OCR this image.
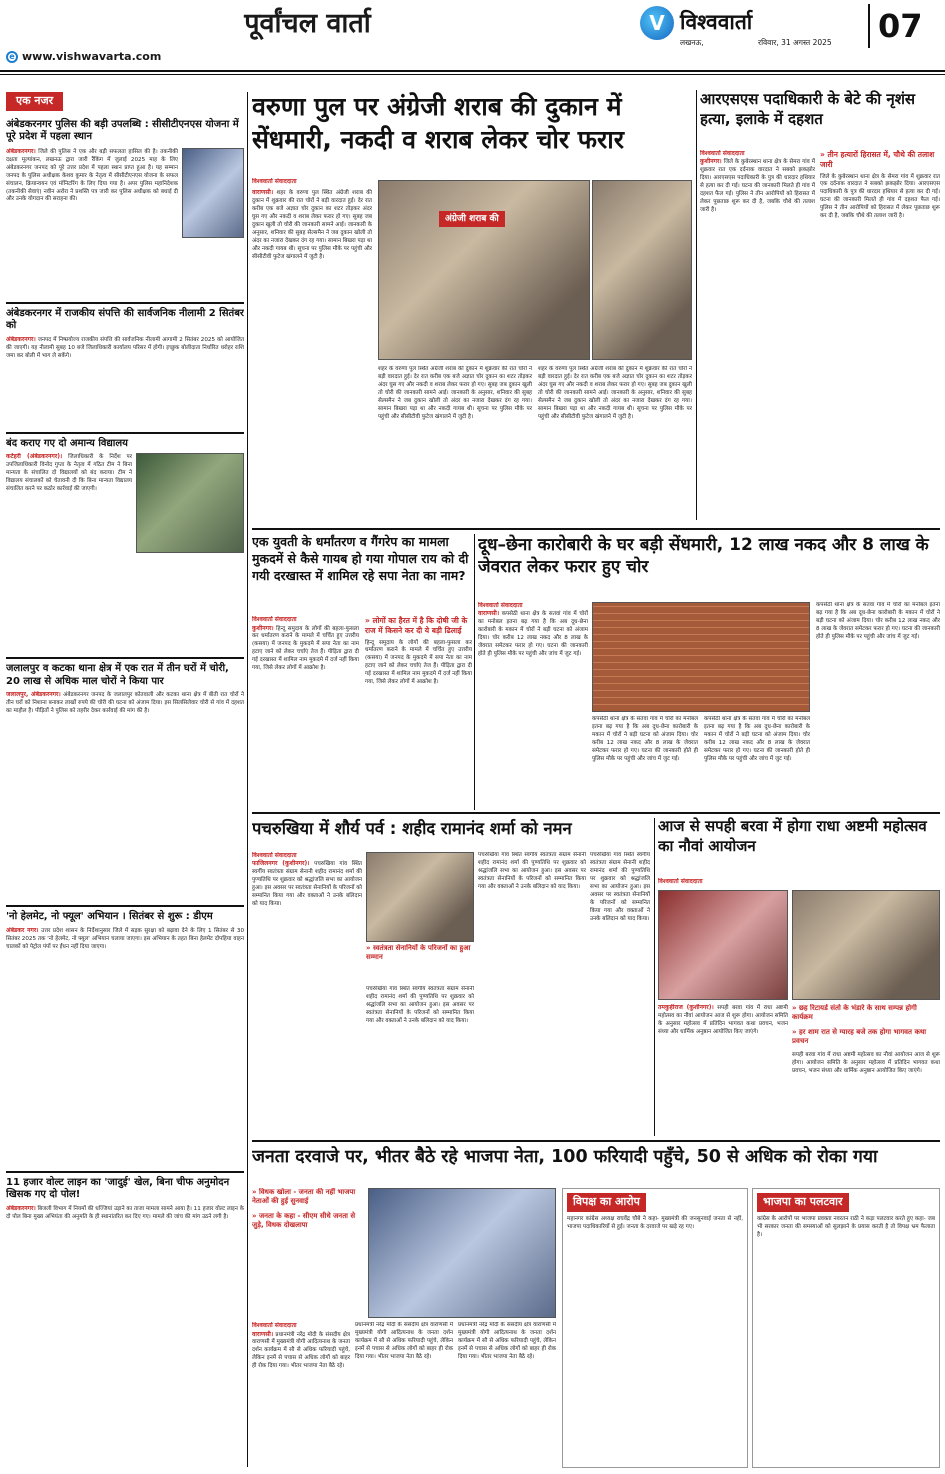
पूर्वांचल वार्ता
e www.vishwavarta.com
V विश्ववार्ता
लखनऊ,	रविवार, 31 अगस्त 2025	07
एक नजर
अंबेडकरनगर पुलिस की बड़ी उपलब्धि : सीसीटीएनएस योजना में पूरे प्रदेश में पहला स्थान
अंबेडकरनगर। जिले की पुलिस ने एक और बड़ी सफलता हासिल की है। तकनीकी दक्षता मूल्यांकन, लखनऊ द्वारा जारी रैंकिंग में जुलाई 2025 माह के लिए अंबेडकरनगर जनपद को पूरे उत्तर प्रदेश में पहला स्थान प्राप्त हुआ है। यह सम्मान जनपद के पुलिस अधीक्षक केशव कुमार के नेतृत्व में सीसीटीएनएस योजना के सफल संचालन, क्रियान्वयन एवं मॉनिटरिंग के लिए दिया गया है। अपर पुलिस महानिदेशक (तकनीकी सेवाएं) नवीन अरोरा ने प्रशस्ति पत्र जारी कर पुलिस अधीक्षक को बधाई दी और उनके योगदान की सराहना की।
अंबेडकरनगर में राजकीय संपत्ति की सार्वजनिक नीलामी 2 सितंबर को
अंबेडकरनगर। जनपद में निष्प्रयोज्य राजकीय संपत्ति की सार्वजनिक नीलामी आगामी 2 सितंबर 2025 को आयोजित की जाएगी। यह नीलामी सुबह 10 बजे जिलाधिकारी कार्यालय परिसर में होगी। इच्छुक बोलीदाता निर्धारित धरोहर राशि जमा कर बोली में भाग ले सकेंगे।
बंद कराए गए दो अमान्य विद्यालय
कटेहरी (अंबेडकरनगर)। जिलाधिकारी के निर्देश पर उपजिलाधिकारी विनोद गुप्ता के नेतृत्व में गठित टीम ने बिना मान्यता के संचालित दो विद्यालयों को बंद कराया। टीम ने विद्यालय संचालकों को चेतावनी दी कि बिना मान्यता विद्यालय संचालित करने पर कठोर कार्रवाई की जाएगी।
जलालपुर व कटका थाना क्षेत्र में एक रात में तीन घरों में चोरी, 20 लाख से अधिक माल चोरों ने किया पार
जलालपुर, अंबेडकरनगर। अंबेडकरनगर जनपद के जलालपुर कोतवाली और कटका थाना क्षेत्र में बीती रात चोरों ने तीन घरों को निशाना बनाकर लाखों रुपये की चोरी की घटना को अंजाम दिया। इस सिलसिलेवार चोरी से गांव में दहशत का माहौल है। पीड़ितों ने पुलिस को तहरीर देकर कार्रवाई की मांग की है।
'नो हेलमेट, नो फ्यूल' अभियान । सितंबर से शुरू : डीएम
अंबेडकर नगर। उत्तर प्रदेश शासन के निर्देशानुसार जिले में सड़क सुरक्षा को बढ़ावा देने के लिए 1 सितंबर से 30 सितंबर 2025 तक 'नो हेलमेट, नो फ्यूल' अभियान चलाया जाएगा। इस अभियान के तहत बिना हेलमेट दोपहिया वाहन चालकों को पेट्रोल पंपों पर ईंधन नहीं दिया जाएगा।
11 हजार वोल्ट लाइन का 'जादुई' खेल, बिना चीफ अनुमोदन खिसक गए दो पोल!
अंबेडकरनगर। बिजली विभाग में नियमों की धज्जियां उड़ाने का ताजा मामला सामने आया है। 11 हजार वोल्ट लाइन के दो पोल बिना मुख्य अभियंता की अनुमति के ही स्थानांतरित कर दिए गए। मामले की जांच की मांग उठने लगी है।
वरुणा पुल पर अंग्रेजी शराब की दुकान में सेंधमारी, नकदी व शराब लेकर चोर फरार
विश्ववार्ता संवाददाता
वाराणसी। शहर के वरुणा पुल स्थित अंग्रेजी शराब की दुकान में शुक्रवार की रात चोरों ने बड़ी वारदात हुई। देर रात करीब एक बजे अज्ञात चोर दुकान का शटर तोड़कर अंदर घुस गए और नकदी व शराब लेकर फरार हो गए। सुबह जब दुकान खुली तो चोरी की जानकारी सामने आई। जानकारी के अनुसार, शनिवार की सुबह सेल्समैन ने जब दुकान खोली तो अंदर का नजारा देखकर दंग रह गया। सामान बिखरा पड़ा था और नकदी गायब थी। सूचना पर पुलिस मौके पर पहुंची और सीसीटीवी फुटेज खंगालने में जुटी है।
अंग्रेजी शराब की
शहर के वरुणा पुल स्थित अंग्रेजी शराब की दुकान में शुक्रवार की रात चोरों ने बड़ी वारदात हुई। देर रात करीब एक बजे अज्ञात चोर दुकान का शटर तोड़कर अंदर घुस गए और नकदी व शराब लेकर फरार हो गए। सुबह जब दुकान खुली तो चोरी की जानकारी सामने आई। जानकारी के अनुसार, शनिवार की सुबह सेल्समैन ने जब दुकान खोली तो अंदर का नजारा देखकर दंग रह गया। सामान बिखरा पड़ा था और नकदी गायब थी। सूचना पर पुलिस मौके पर पहुंची और सीसीटीवी फुटेज खंगालने में जुटी है।
शहर के वरुणा पुल स्थित अंग्रेजी शराब की दुकान में शुक्रवार की रात चोरों ने बड़ी वारदात हुई। देर रात करीब एक बजे अज्ञात चोर दुकान का शटर तोड़कर अंदर घुस गए और नकदी व शराब लेकर फरार हो गए। सुबह जब दुकान खुली तो चोरी की जानकारी सामने आई। जानकारी के अनुसार, शनिवार की सुबह सेल्समैन ने जब दुकान खोली तो अंदर का नजारा देखकर दंग रह गया। सामान बिखरा पड़ा था और नकदी गायब थी। सूचना पर पुलिस मौके पर पहुंची और सीसीटीवी फुटेज खंगालने में जुटी है।
आरएसएस पदाधिकारी के बेटे की नृशंस हत्या, इलाके में दहशत
विश्ववार्ता संवाददाता
कुशीनगर। जिले के कुबेरस्थान थाना क्षेत्र के सेमरा गांव में शुक्रवार रात एक दर्दनाक वारदात ने सबको झकझोर दिया। आरएसएस पदाधिकारी के पुत्र की धारदार हथियार से हत्या कर दी गई। घटना की जानकारी मिलते ही गांव में दहशत फैल गई। पुलिस ने तीन आरोपियों को हिरासत में लेकर पूछताछ शुरू कर दी है, जबकि चौथे की तलाश जारी है।
» तीन हत्यारों हिरासत में, चौथे की तलाश जारी
जिले के कुबेरस्थान थाना क्षेत्र के सेमरा गांव में शुक्रवार रात एक दर्दनाक वारदात ने सबको झकझोर दिया। आरएसएस पदाधिकारी के पुत्र की धारदार हथियार से हत्या कर दी गई। घटना की जानकारी मिलते ही गांव में दहशत फैल गई। पुलिस ने तीन आरोपियों को हिरासत में लेकर पूछताछ शुरू कर दी है, जबकि चौथे की तलाश जारी है।
एक युवती के धर्मांतरण व गैंगरेप का मामला मुकदमें से कैसे गायब हो गया गोपाल राय को दी गयी दरखास्त में शामिल रहे सपा नेता का नाम?
विश्ववार्ता संवाददाता
कुशीनगर। हिन्दू समुदाय के लोगों की बहला-फुसला कर धर्मांतरण कराने के मामले में चर्चित हुए उत्तरीय (कसया) में जनपद के मुकदमे में सपा नेता का नाम हटाए जाने को लेकर चर्चाएं तेज हैं। पीड़िता द्वारा दी गई दरखास्त में शामिल नाम मुकदमे में दर्ज नहीं किया गया, जिसे लेकर लोगों में आक्रोश है।
» लोगों का हैरत में है कि दोषी जी के राज में किसने कर दी ये बड़ी ढिलाई
हिन्दू समुदाय के लोगों की बहला-फुसला कर धर्मांतरण कराने के मामले में चर्चित हुए उत्तरीय (कसया) में जनपद के मुकदमे में सपा नेता का नाम हटाए जाने को लेकर चर्चाएं तेज हैं। पीड़िता द्वारा दी गई दरखास्त में शामिल नाम मुकदमे में दर्ज नहीं किया गया, जिसे लेकर लोगों में आक्रोश है।
दूध–छेना कारोबारी के घर बड़ी सेंधमारी, 12 लाख नकद और 8 लाख के जेवरात लेकर फरार हुए चोर
विश्ववार्ता संवाददाता
वाराणसी। कपसेठी थाना क्षेत्र के सतवां गांव में चोरों का मनोबल इतना बढ़ गया है कि अब दूध-छेना कारोबारी के मकान में चोरों ने बड़ी घटना को अंजाम दिया। चोर करीब 12 लाख नकद और 8 लाख के जेवरात समेटकर फरार हो गए। घटना की जानकारी होते ही पुलिस मौके पर पहुंची और जांच में जुट गई।
कपसेठी थाना क्षेत्र के सतवां गांव में चोरों का मनोबल इतना बढ़ गया है कि अब दूध-छेना कारोबारी के मकान में चोरों ने बड़ी घटना को अंजाम दिया। चोर करीब 12 लाख नकद और 8 लाख के जेवरात समेटकर फरार हो गए। घटना की जानकारी होते ही पुलिस मौके पर पहुंची और जांच में जुट गई।
कपसेठी थाना क्षेत्र के सतवां गांव में चोरों का मनोबल इतना बढ़ गया है कि अब दूध-छेना कारोबारी के मकान में चोरों ने बड़ी घटना को अंजाम दिया। चोर करीब 12 लाख नकद और 8 लाख के जेवरात समेटकर फरार हो गए। घटना की जानकारी होते ही पुलिस मौके पर पहुंची और जांच में जुट गई।
कपसेठी थाना क्षेत्र के सतवां गांव में चोरों का मनोबल इतना बढ़ गया है कि अब दूध-छेना कारोबारी के मकान में चोरों ने बड़ी घटना को अंजाम दिया। चोर करीब 12 लाख नकद और 8 लाख के जेवरात समेटकर फरार हो गए। घटना की जानकारी होते ही पुलिस मौके पर पहुंची और जांच में जुट गई।
पचरुखिया में शौर्य पर्व : शहीद रामानंद शर्मा को नमन
विश्ववार्ता संवाददाता
फाजिलनगर (कुशीनगर)। पचरुखिया गांव स्थित स्वर्गीय स्वतंत्रता संग्राम सेनानी शहीद रामानंद शर्मा की पुण्यतिथि पर शुक्रवार को श्रद्धांजलि सभा का आयोजन हुआ। इस अवसर पर स्वतंत्रता सेनानियों के परिजनों को सम्मानित किया गया और वक्ताओं ने उनके बलिदान को याद किया।
» स्वतंत्रता सेनानियों के परिजनों का हुआ सम्मान
पचरुखिया गांव स्थित स्वर्गीय स्वतंत्रता संग्राम सेनानी शहीद रामानंद शर्मा की पुण्यतिथि पर शुक्रवार को श्रद्धांजलि सभा का आयोजन हुआ। इस अवसर पर स्वतंत्रता सेनानियों के परिजनों को सम्मानित किया गया और वक्ताओं ने उनके बलिदान को याद किया।
पचरुखिया गांव स्थित स्वर्गीय स्वतंत्रता संग्राम सेनानी शहीद रामानंद शर्मा की पुण्यतिथि पर शुक्रवार को श्रद्धांजलि सभा का आयोजन हुआ। इस अवसर पर स्वतंत्रता सेनानियों के परिजनों को सम्मानित किया गया और वक्ताओं ने उनके बलिदान को याद किया।
पचरुखिया गांव स्थित स्वर्गीय स्वतंत्रता संग्राम सेनानी शहीद रामानंद शर्मा की पुण्यतिथि पर शुक्रवार को श्रद्धांजलि सभा का आयोजन हुआ। इस अवसर पर स्वतंत्रता सेनानियों के परिजनों को सम्मानित किया गया और वक्ताओं ने उनके बलिदान को याद किया।
आज से सपही बरवा में होगा राधा अष्टमी महोत्सव का नौवां आयोजन
विश्ववार्ता संवाददाता
तमकुहीराज (कुशीनगर)। सपही बरवा गांव में राधा अष्टमी महोत्सव का नौवां आयोजन आज से शुरू होगा। आयोजन समिति के अनुसार महोत्सव में प्रतिदिन भागवत कथा प्रवचन, भजन संध्या और धार्मिक अनुष्ठान आयोजित किए जाएंगे।
» छह रिटायर्ड संतो के भंडारे के साथ सम्पन्न होगी कार्यक्रम
» हर शाम रात से ग्यारह बजे तक होगा भागवत कथा प्रवचन
सपही बरवा गांव में राधा अष्टमी महोत्सव का नौवां आयोजन आज से शुरू होगा। आयोजन समिति के अनुसार महोत्सव में प्रतिदिन भागवत कथा प्रवचन, भजन संध्या और धार्मिक अनुष्ठान आयोजित किए जाएंगे।
जनता दरवाजे पर, भीतर बैठे रहे भाजपा नेता, 100 फरियादी पहुँचे, 50 से अधिक को रोका गया
» विधक खोला - जनता की नहीं भाजपा नेताओं की हुई सुनवाई
» जनता के कहा - सीएम सीधे जनता से जुड़े, विधक दोखलापा
विश्ववार्ता संवाददाता
वाराणसी। प्रधानमंत्री नरेंद्र मोदी के संसदीय क्षेत्र वाराणसी में मुख्यमंत्री योगी आदित्यनाथ के जनता दर्शन कार्यक्रम में सौ से अधिक फरियादी पहुंचे, लेकिन इनमें से पचास से अधिक लोगों को बाहर ही रोक दिया गया। भीतर भाजपा नेता बैठे रहे।
प्रधानमंत्री नरेंद्र मोदी के संसदीय क्षेत्र वाराणसी में मुख्यमंत्री योगी आदित्यनाथ के जनता दर्शन कार्यक्रम में सौ से अधिक फरियादी पहुंचे, लेकिन इनमें से पचास से अधिक लोगों को बाहर ही रोक दिया गया। भीतर भाजपा नेता बैठे रहे।
प्रधानमंत्री नरेंद्र मोदी के संसदीय क्षेत्र वाराणसी में मुख्यमंत्री योगी आदित्यनाथ के जनता दर्शन कार्यक्रम में सौ से अधिक फरियादी पहुंचे, लेकिन इनमें से पचास से अधिक लोगों को बाहर ही रोक दिया गया। भीतर भाजपा नेता बैठे रहे।
विपक्ष का आरोप
महानगर कांग्रेस अध्यक्ष राघवेंद्र चौबे ने कहा- मुख्यमंत्री की जनसुनवाई जनता से नहीं, भाजपा पदाधिकारियों से हुई। जनता के दरवाजे पर खड़े रह गए।
भाजपा का पलटवार
कांग्रेस के आरोपों पर भाजपा प्रवक्ता नवरतन राठी ने कड़ा पलटवार करते हुए कहा- जब भी सरकार जनता की समस्याओं को सुलझाने के प्रयास करती है तो विपक्ष भ्रम फैलाता है।
